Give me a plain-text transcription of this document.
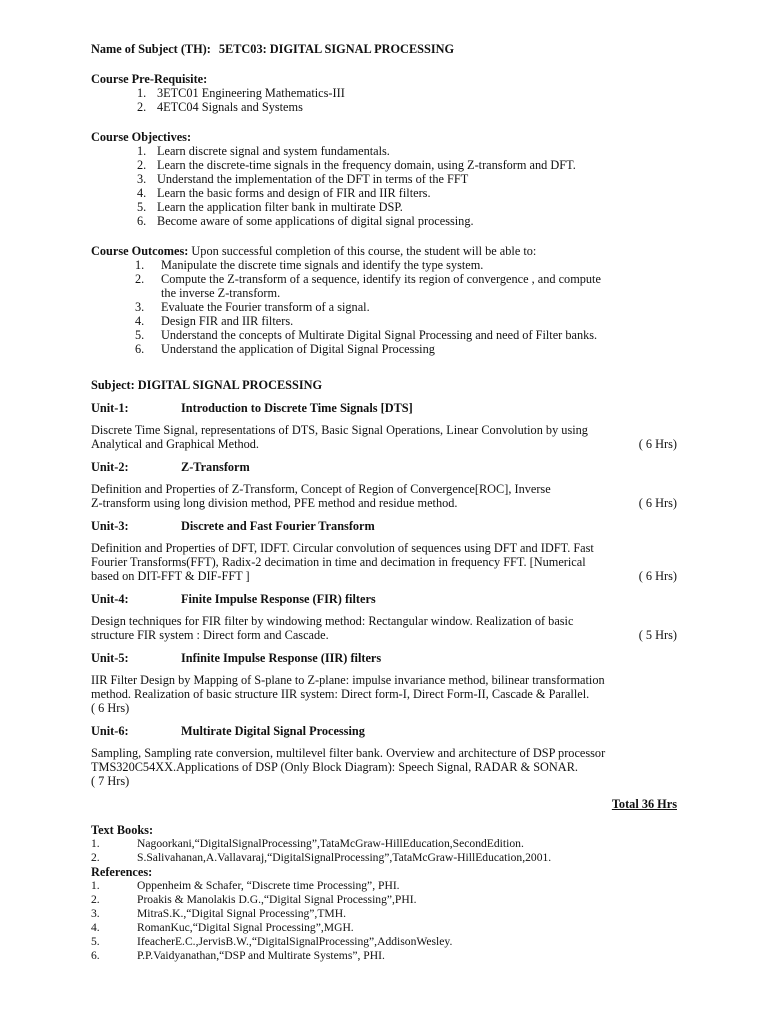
Name of Subject (TH): 5ETC03: DIGITAL SIGNAL PROCESSING
Course Pre-Requisite:
1. 3ETC01 Engineering Mathematics-III
2. 4ETC04 Signals and Systems
Course Objectives:
1. Learn discrete signal and system fundamentals.
2. Learn the discrete-time signals in the frequency domain, using Z-transform and DFT.
3. Understand the implementation of the DFT in terms of the FFT
4. Learn the basic forms and design of FIR and IIR filters.
5. Learn the application filter bank in multirate DSP.
6. Become aware of some applications of digital signal processing.
Course Outcomes: Upon successful completion of this course, the student will be able to:
1.	Manipulate the discrete time signals and identify the type system.
2.	Compute the Z-transform of a sequence, identify its region of convergence , and compute
the inverse Z-transform.
3.	Evaluate the Fourier transform of a signal.
4.	Design FIR and IIR filters.
5.	Understand the concepts of Multirate Digital Signal Processing and need of Filter banks.
6.	Understand the application of Digital Signal Processing
Subject: DIGITAL SIGNAL PROCESSING
Unit-1:	Introduction to Discrete Time Signals [DTS]
Discrete Time Signal, representations of DTS, Basic Signal Operations, Linear Convolution by using
Analytical and Graphical Method.	( 6 Hrs)
Unit-2:	Z-Transform
Definition and Properties of Z-Transform, Concept of Region of Convergence[ROC], Inverse
Z-transform using long division method, PFE method and residue method.	( 6 Hrs)
Unit-3:	Discrete and Fast Fourier Transform
Definition and Properties of DFT, IDFT. Circular convolution of sequences using DFT and IDFT. Fast
Fourier Transforms(FFT), Radix-2 decimation in time and decimation in frequency FFT. [Numerical
based on DIT-FFT & DIF-FFT ]	( 6 Hrs)
Unit-4:	Finite Impulse Response (FIR) filters
Design techniques for FIR filter by windowing method: Rectangular window. Realization of basic
structure FIR system : Direct form and Cascade.	( 5 Hrs)
Unit-5:	Infinite Impulse Response (IIR) filters
IIR Filter Design by Mapping of S-plane to Z-plane: impulse invariance method, bilinear transformation
method. Realization of basic structure IIR system: Direct form-I, Direct Form-II, Cascade & Parallel.
( 6 Hrs)
Unit-6:	Multirate Digital Signal Processing
Sampling, Sampling rate conversion, multilevel filter bank. Overview and architecture of DSP processor
TMS320C54XX.Applications of DSP (Only Block Diagram): Speech Signal, RADAR & SONAR.
( 7 Hrs)
Total 36 Hrs
Text Books:
1.	Nagoorkani,“DigitalSignalProcessing”,TataMcGraw-HillEducation,SecondEdition.
2.	S.Salivahanan,A.Vallavaraj,“DigitalSignalProcessing”,TataMcGraw-HillEducation,2001.
References:
1.	Oppenheim & Schafer, “Discrete time Processing”, PHI.
2.	Proakis & Manolakis D.G.,“Digital Signal Processing”,PHI.
3.	MitraS.K.,“Digital Signal Processing”,TMH.
4.	RomanKuc,“Digital Signal Processing”,MGH.
5.	IfeacherE.C.,JervisB.W.,“DigitalSignalProcessing”,AddisonWesley.
6.	P.P.Vaidyanathan,“DSP and Multirate Systems”, PHI.
